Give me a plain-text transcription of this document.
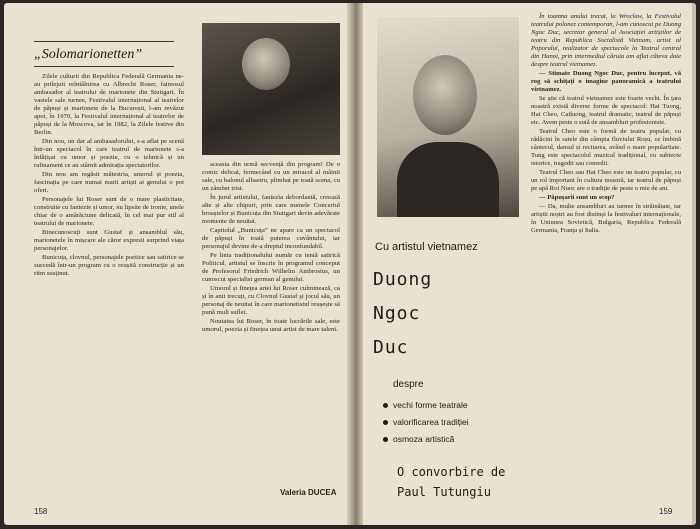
„Solomarionetten”

Zilele culturii din Republica Federală Germania ne-au prilejuit reîntâlnirea cu Albrecht Roser, faimosul ambasador al teatrului de marionete din Stuttgart. În vastele sale turnee, Festivalul internațional al teatrelor de păpuși și marionete de la București, l-am revăzut apoi, în 1970, la Festivalul internațional al teatrelor de păpuși de la Moscova, iar în 1982, la Zilele festive din Berlin.

Din nou, un dar al ambasadorului, s-a aflat pe scenă într-un spectacol în care teatrul de marionete s-a înfățișat cu umor și poezie, cu o tehnică și un rafinament ce au stârnit admirația spectatorilor.

Din nou am regăsit măiestria, umorul și poezia, fascinația pe care numai marii artiști ai genului o pot oferi.

Personajele lui Roser sunt de o mare plasticitate, construite cu fantezie și umor, nu lipsite de ironie, unele chiar de o amărăciune delicată, în cel mai pur stil al teatrului de marionete.

Binecunoscuți sunt Gustaf și ansamblul său, marionetele în mișcare ale căror expresii surprind viața personajelor.

Bunicuța, clovnul, personajele poetice sau satirice se succedă într-un program cu o reușită construcție și un ritm susținut.

aceasta din urmă secvență din program! De o comic delicat, fermecând cu un miracol al mâinii sale, cu balonul albastru, plimbat pe toată scena, cu un zâmbet trist.

În jurul artistului, fantezia debordantă, creează alte și alte chipuri, prin care numele Concertul broaștelor și Bunicuța din Stuttgart devin adevărate momente de neuitat.

Capitolul „Bunicuța” ne apare ca un spectacol de păpuși în toată puterea cuvântului, iar personajul devine de-a dreptul inconfundabil.

Pe linia tradiționalului număr cu tentă satirică Politicul, artistul se înscrie în programul conceput de Profesorul Friedrich Wilhelm Ambrosius, un cunoscut specialist german al genului.

Umorul și finețea artei lui Roser culminează, ca și în anii trecuți, cu Clovnul Gustaf și jocul său, un personaj de neuitat în care marionetistul reușește să pună mult suflet.

Noutatea lui Roser, în toate lucrările sale, este umorul, poezia și finețea unui artist de mare talent.

Valeria DUCEA
158
Cu artistul vietnamez
Duong
Ngoc
Duc
despre
vechi forme teatrale
valorificarea tradiției
osmoza artistică
O convorbire de
Paul Tutungiu

În toamna anului trecut, la Wroclaw, la Festivalul teatrului polonez contemporan, l-am cunoscut pe Duong Ngoc Duc, secretar general al Asociației artiștilor de teatru din Republica Socialistă Vietnam, artist al Poporului, realizator de spectacole la Teatrul central din Hanoi, prin intermediul căruia am aflat câteva date despre teatrul vietnamez.

— Stimate Duong Ngoc Duc, pentru început, vă rog să schițați o imagine panoramică a teatrului vietnamez.

Se știe că teatrul vietnamez este foarte vechi. În țara noastră există diverse forme de spectacol: Hat Tuong, Hat Cheo, Cailuong, teatrul dramatic, teatrul de păpuși etc. Avem peste o sută de ansambluri profesioniste.

Teatrul Cheo este o formă de teatru popular, cu rădăcini în satele din câmpia fluviului Roșu, ce îmbină cântecul, dansul și recitarea, având o mare popularitate. Tung este spectacolul muzical tradițional, cu subiecte istorice, tragedii sau comedii.

Teatrul Cheo sau Hat Cheo este un teatru popular, cu un rol important în cultura noastră, iar teatrul de păpuși pe apă Roi Nuoc are o tradiție de peste o mie de ani.

— Păpușarii sunt un scop?

— Da, multe ansambluri au turnee în străinătate, iar artiștii noștri au fost distinși la festivaluri internaționale, în Uniunea Sovietică, Bulgaria, Republica Federală Germania, Franța și Italia.

159
